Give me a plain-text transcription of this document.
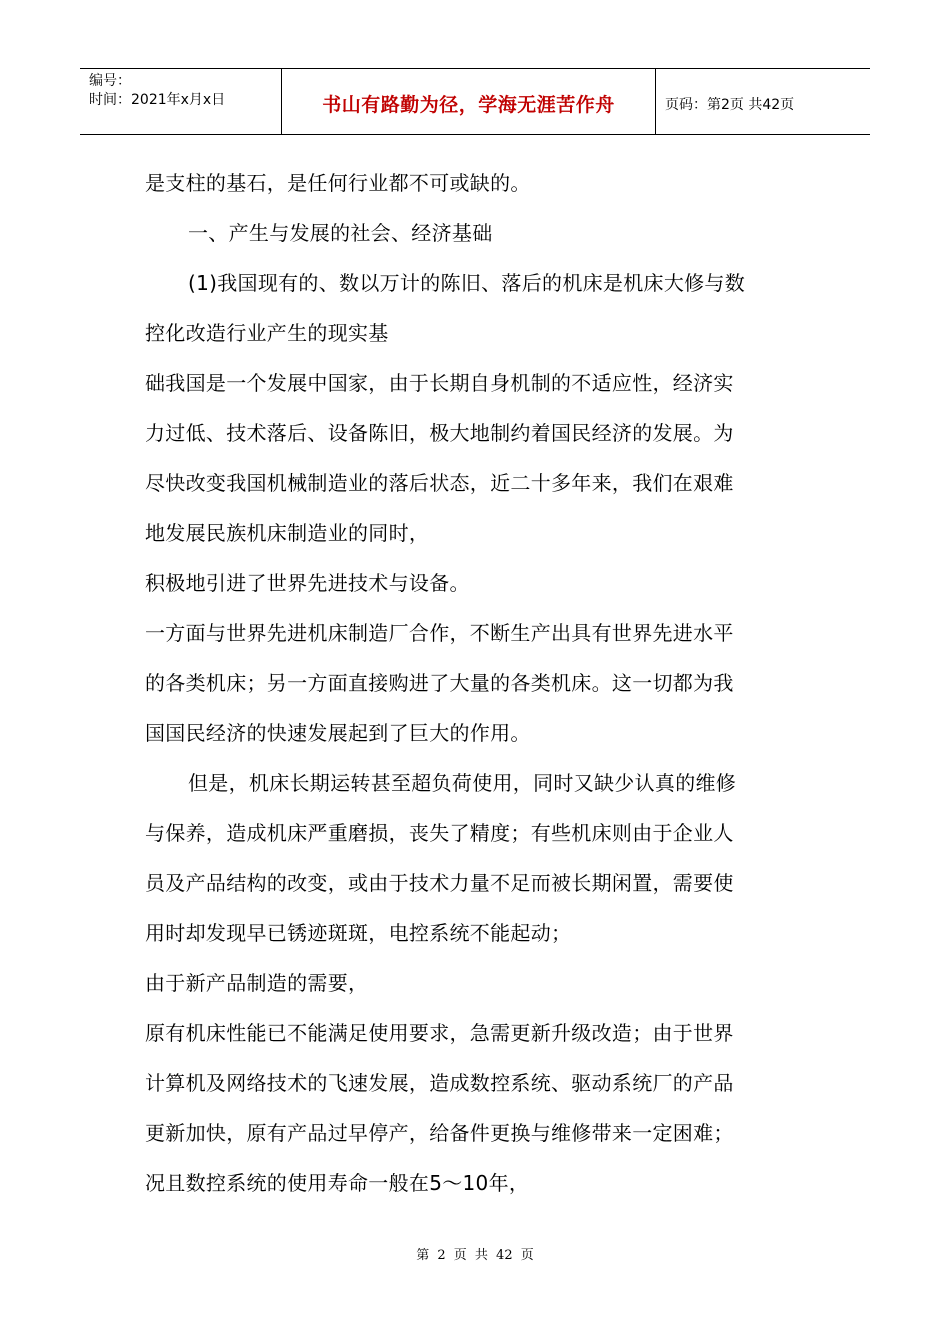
编号：
时间：2021年x月x日	书山有路勤为径，学海无涯苦作舟	页码：第2页 共42页

是支柱的基石，是任何行业都不可或缺的。

一、产生与发展的社会、经济基础

(1)我国现有的、数以万计的陈旧、落后的机床是机床大修与数

控化改造行业产生的现实基

础我国是一个发展中国家，由于长期自身机制的不适应性，经济实

力过低、技术落后、设备陈旧，极大地制约着国民经济的发展。为

尽快改变我国机械制造业的落后状态，近二十多年来，我们在艰难

地发展民族机床制造业的同时，

积极地引进了世界先进技术与设备。

一方面与世界先进机床制造厂合作，不断生产出具有世界先进水平

的各类机床；另一方面直接购进了大量的各类机床。这一切都为我

国国民经济的快速发展起到了巨大的作用。

但是，机床长期运转甚至超负荷使用，同时又缺少认真的维修

与保养，造成机床严重磨损，丧失了精度；有些机床则由于企业人

员及产品结构的改变，或由于技术力量不足而被长期闲置，需要使

用时却发现早已锈迹斑斑，电控系统不能起动；

由于新产品制造的需要，

原有机床性能已不能满足使用要求，急需更新升级改造；由于世界

计算机及网络技术的飞速发展，造成数控系统、驱动系统厂的产品

更新加快，原有产品过早停产，给备件更换与维修带来一定困难；

况且数控系统的使用寿命一般在5～10年，

第 2 页 共 42 页
